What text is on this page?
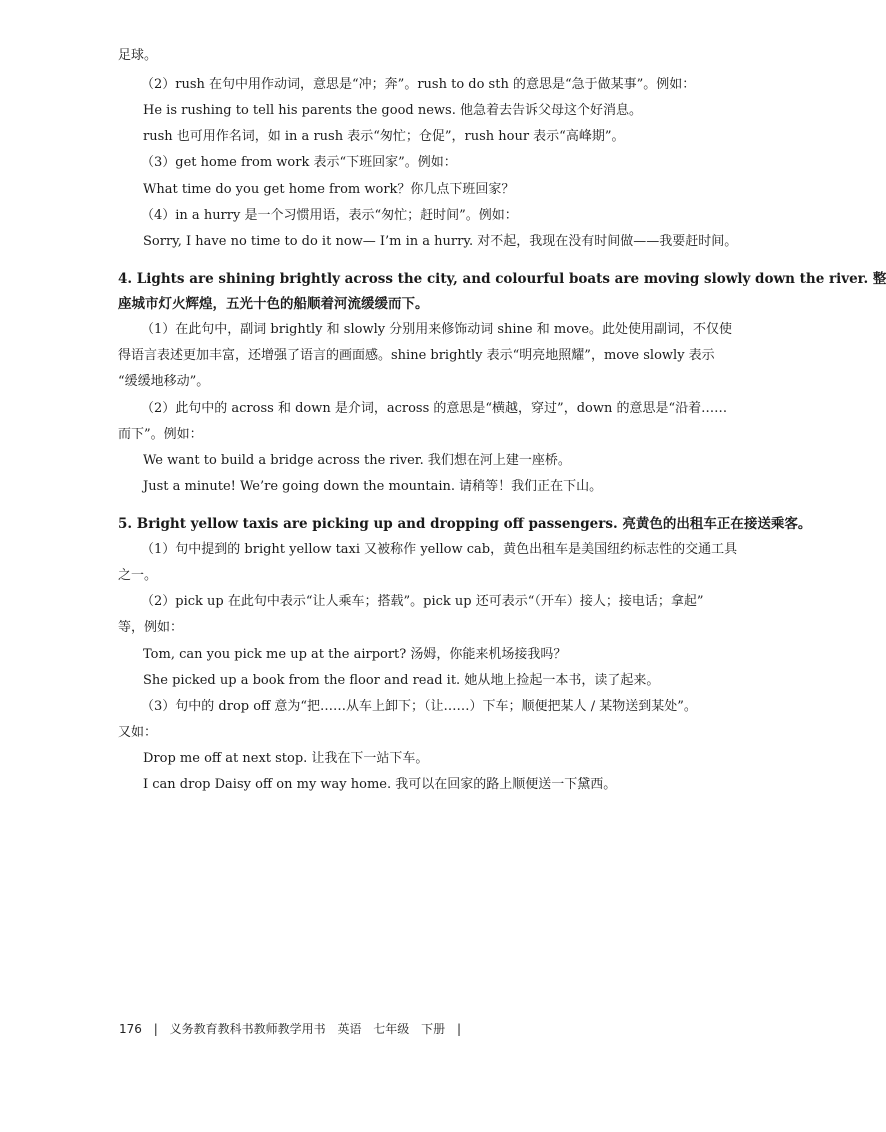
足球。
（2）rush 在句中用作动词，意思是“冲；奔”。rush to do sth 的意思是“急于做某事”。例如：
He is rushing to tell his parents the good news. 他急着去告诉父母这个好消息。
rush 也可用作名词，如 in a rush 表示“匆忙；仓促”，rush hour 表示“高峰期”。
（3）get home from work 表示“下班回家”。例如：
What time do you get home from work？你几点下班回家？
（4）in a hurry 是一个习惯用语，表示“匆忙；赶时间”。例如：
Sorry, I have no time to do it now— I’m in a hurry. 对不起，我现在没有时间做——我要赶时间。
4. Lights are shining brightly across the city, and colourful boats are moving slowly down the river. 整
座城市灯火辉煌，五光十色的船顺着河流缓缓而下。
（1）在此句中，副词 brightly 和 slowly 分别用来修饰动词 shine 和 move。此处使用副词，不仅使
得语言表述更加丰富，还增强了语言的画面感。shine brightly 表示“明亮地照耀”，move slowly 表示
“缓缓地移动”。
（2）此句中的 across 和 down 是介词，across 的意思是“横越，穿过”，down 的意思是“沿着……
而下”。例如：
We want to build a bridge across the river. 我们想在河上建一座桥。
Just a minute! We’re going down the mountain. 请稍等！我们正在下山。
5. Bright yellow taxis are picking up and dropping off passengers. 亮黄色的出租车正在接送乘客。
（1）句中提到的 bright yellow taxi 又被称作 yellow cab，黄色出租车是美国纽约标志性的交通工具
之一。
（2）pick up 在此句中表示“让人乘车；搭载”。pick up 还可表示“（开车）接人；接电话；拿起”
等，例如：
Tom, can you pick me up at the airport? 汤姆，你能来机场接我吗？
She picked up a book from the floor and read it. 她从地上捡起一本书，读了起来。
（3）句中的 drop off 意为“把……从车上卸下；（让……）下车；顺便把某人 / 某物送到某处”。
又如：
Drop me off at next stop. 让我在下一站下车。
I can drop Daisy off on my way home. 我可以在回家的路上顺便送一下黛西。
176 | 义务教育教科书教师教学用书 英语 七年级 下册 |
